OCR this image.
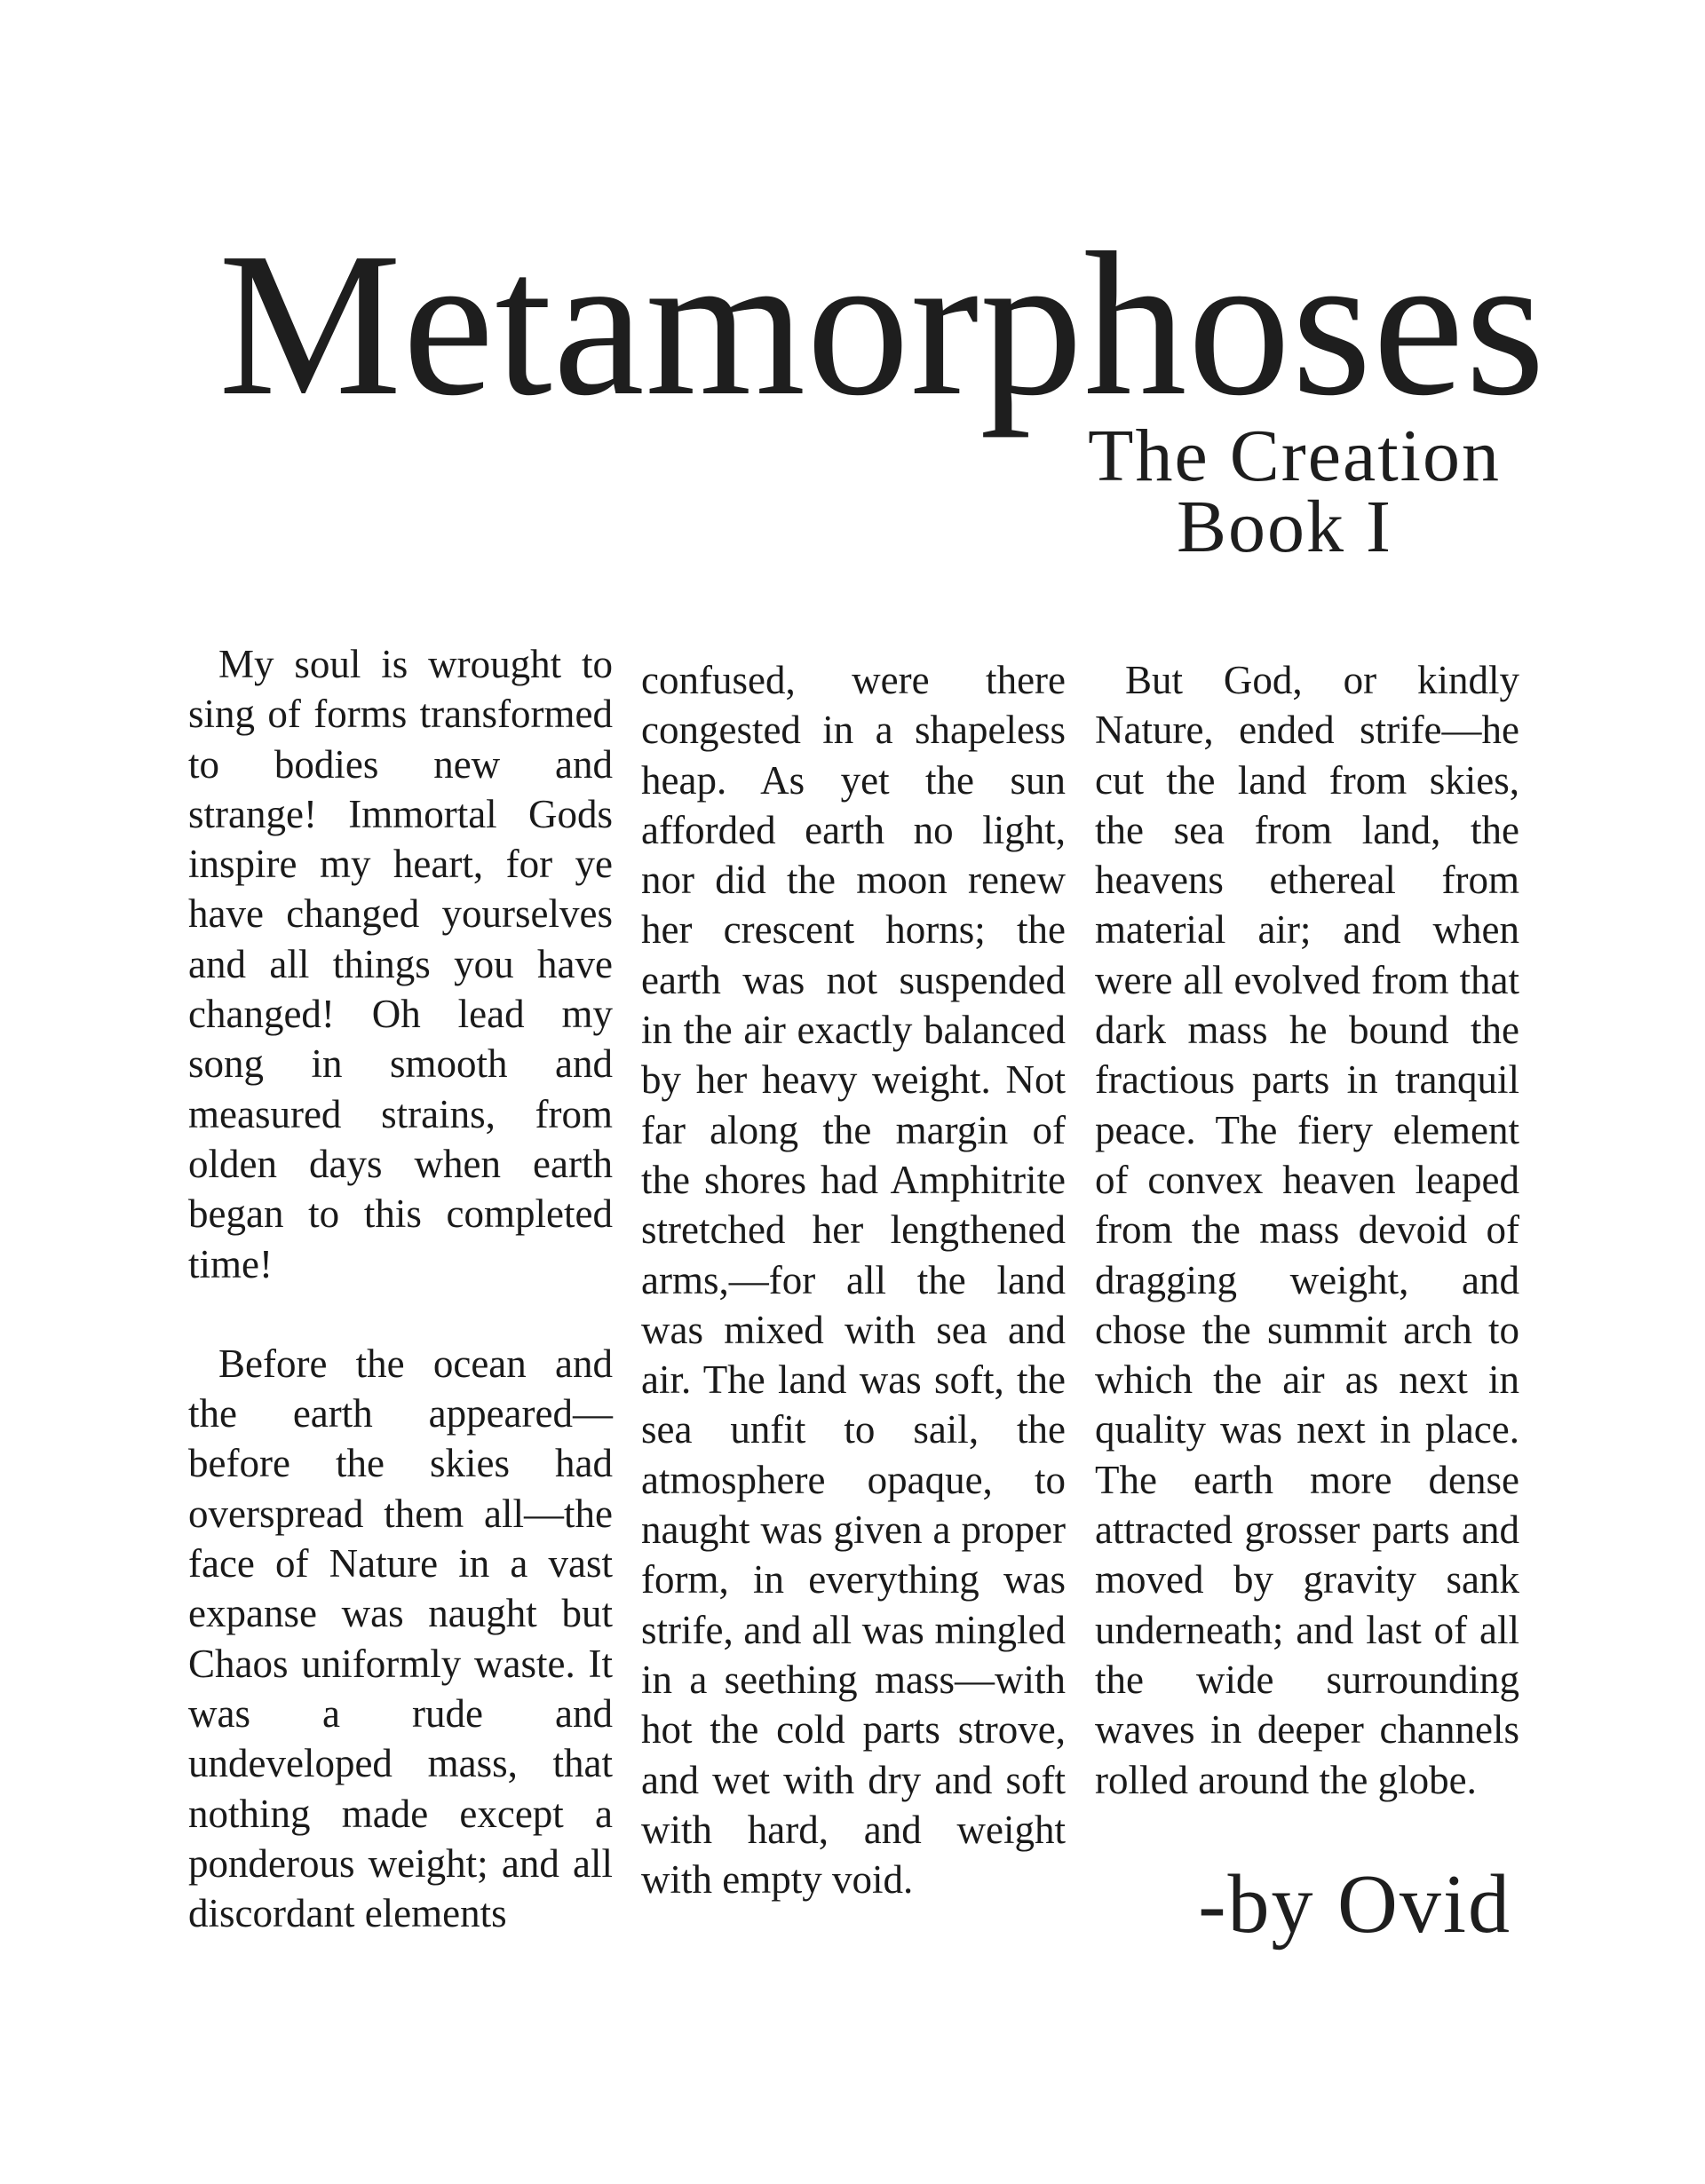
Metamorphoses
The Creation
Book I

My soul is wrought to sing of forms transformed to bodies new and strange! Immortal Gods inspire my heart, for ye have changed yourselves and all things you have changed! Oh lead my song in smooth and measured strains, from olden days when earth began to this completed time!

Before the ocean and the earth appeared—before the skies had overspread them all—the face of Nature in a vast expanse was naught but Chaos uniformly waste. It was a rude and undeveloped mass, that nothing made except a ponderous weight; and all discordant elements

confused, were there congested in a shapeless heap. As yet the sun afforded earth no light, nor did the moon renew her crescent horns; the earth was not suspended in the air exactly balanced by her heavy weight. Not far along the margin of the shores had Amphitrite stretched her lengthened arms,—for all the land was mixed with sea and air. The land was soft, the sea unfit to sail, the atmosphere opaque, to naught was given a proper form, in everything was strife, and all was mingled in a seething mass—with hot the cold parts strove, and wet with dry and soft with hard, and weight with empty void.

But God, or kindly Nature, ended strife—he cut the land from skies, the sea from land, the heavens ethereal from material air; and when were all evolved from that dark mass he bound the fractious parts in tranquil peace. The fiery element of convex heaven leaped from the mass devoid of dragging weight, and chose the summit arch to which the air as next in quality was next in place. The earth more dense attracted grosser parts and moved by gravity sank underneath; and last of all the wide surrounding waves in deeper channels rolled around the globe.

-by Ovid
